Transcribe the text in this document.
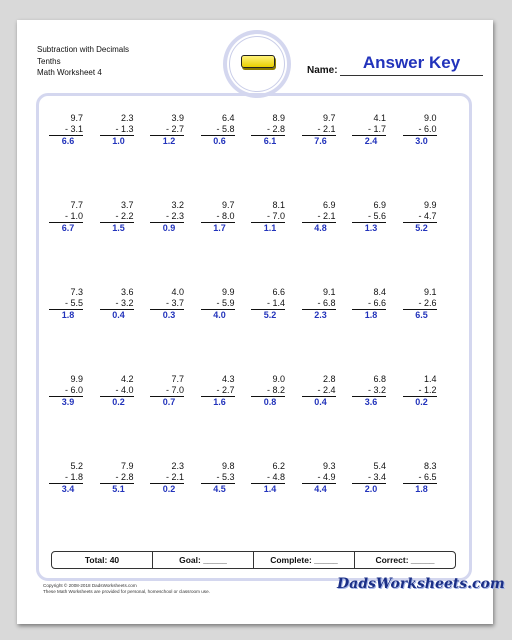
Subtraction with Decimals
Tenths
Math Worksheet 4	Name:	Answer Key
9.7
- 3.1
6.6
2.3
- 1.3
1.0
3.9
- 2.7
1.2
6.4
- 5.8
0.6
8.9
- 2.8
6.1
9.7
- 2.1
7.6
4.1
- 1.7
2.4
9.0
- 6.0
3.0
7.7
- 1.0
6.7
3.7
- 2.2
1.5
3.2
- 2.3
0.9
9.7
- 8.0
1.7
8.1
- 7.0
1.1
6.9
- 2.1
4.8
6.9
- 5.6
1.3
9.9
- 4.7
5.2
7.3
- 5.5
1.8
3.6
- 3.2
0.4
4.0
- 3.7
0.3
9.9
- 5.9
4.0
6.6
- 1.4
5.2
9.1
- 6.8
2.3
8.4
- 6.6
1.8
9.1
- 2.6
6.5
9.9
- 6.0
3.9
4.2
- 4.0
0.2
7.7
- 7.0
0.7
4.3
- 2.7
1.6
9.0
- 8.2
0.8
2.8
- 2.4
0.4
6.8
- 3.2
3.6
1.4
- 1.2
0.2
5.2
- 1.8
3.4
7.9
- 2.8
5.1
2.3
- 2.1
0.2
9.8
- 5.3
4.5
6.2
- 4.8
1.4
9.3
- 4.9
4.4
5.4
- 3.4
2.0
8.3
- 6.5
1.8
Total: 40	Goal: _____	Complete: _____	Correct: _____
Copyright © 2008-2018 DadsWorksheets.com
These Math Worksheets are provided for personal, homeschool or classroom use.	DadsWorksheets.com
